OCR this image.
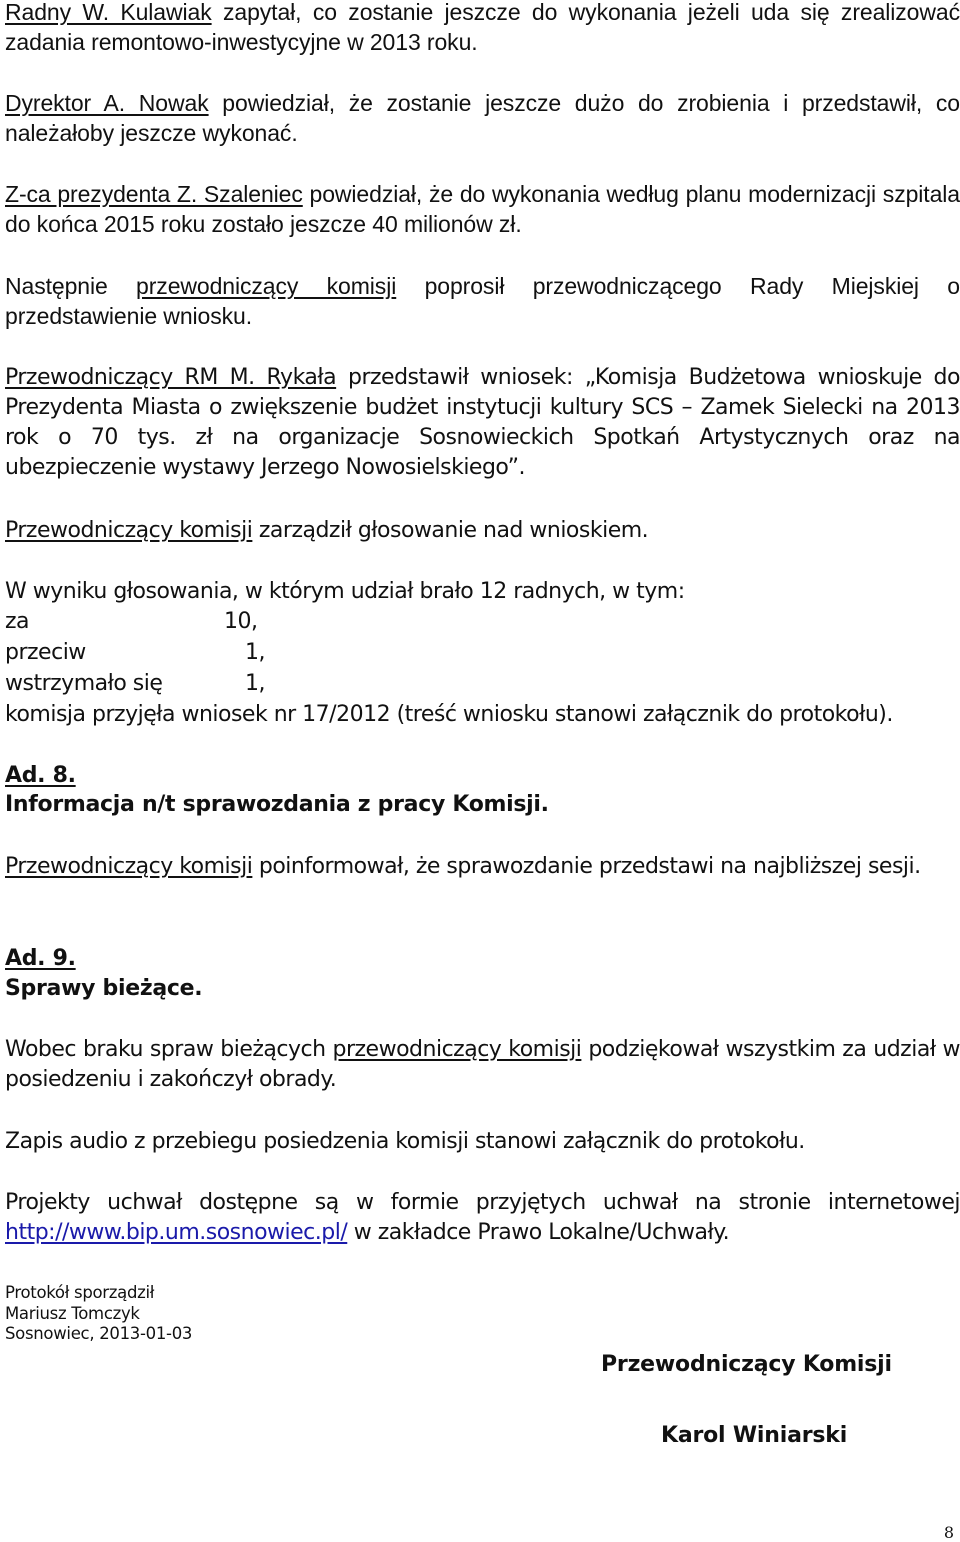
Radny W. Kulawiak zapytał, co zostanie jeszcze do wykonania jeżeli uda się zrealizować zadania remontowo-inwestycyjne w 2013 roku.

Dyrektor A. Nowak powiedział, że zostanie jeszcze dużo do zrobienia i przedstawił, co należałoby jeszcze wykonać.

Z-ca prezydenta Z. Szaleniec powiedział, że do wykonania według planu modernizacji szpitala do końca 2015 roku zostało jeszcze 40 milionów zł.

Następnie przewodniczący komisji poprosił przewodniczącego Rady Miejskiej o przedstawienie wniosku.

Przewodniczący RM M. Rykała przedstawił wniosek: „Komisja Budżetowa wnioskuje do Prezydenta Miasta o zwiększenie budżet instytucji kultury SCS – Zamek Sielecki na 2013 rok o 70 tys. zł na organizacje Sosnowieckich Spotkań Artystycznych oraz na ubezpieczenie wystawy Jerzego Nowosielskiego”.

Przewodniczący komisji zarządził głosowanie nad wnioskiem.

W wyniku głosowania, w którym udział brało 12 radnych, w tym:

za	10,
przeciw	1,
wstrzymało się	1,

komisja przyjęła wniosek nr 17/2012 (treść wniosku stanowi załącznik do protokołu).

Ad. 8.
Informacja n/t sprawozdania z pracy Komisji.

Przewodniczący komisji poinformował, że sprawozdanie przedstawi na najbliższej sesji.

Ad. 9.
Sprawy bieżące.

Wobec braku spraw bieżących przewodniczący komisji podziękował wszystkim za udział w posiedzeniu i zakończył obrady.

Zapis audio z przebiegu posiedzenia komisji stanowi załącznik do protokołu.

Projekty uchwał dostępne są w formie przyjętych uchwał na stronie internetowej http://www.bip.um.sosnowiec.pl/ w zakładce Prawo Lokalne/Uchwały.

Protokół sporządził
Mariusz Tomczyk
Sosnowiec, 2013-01-03
Przewodniczący Komisji
Karol Winiarski
8
